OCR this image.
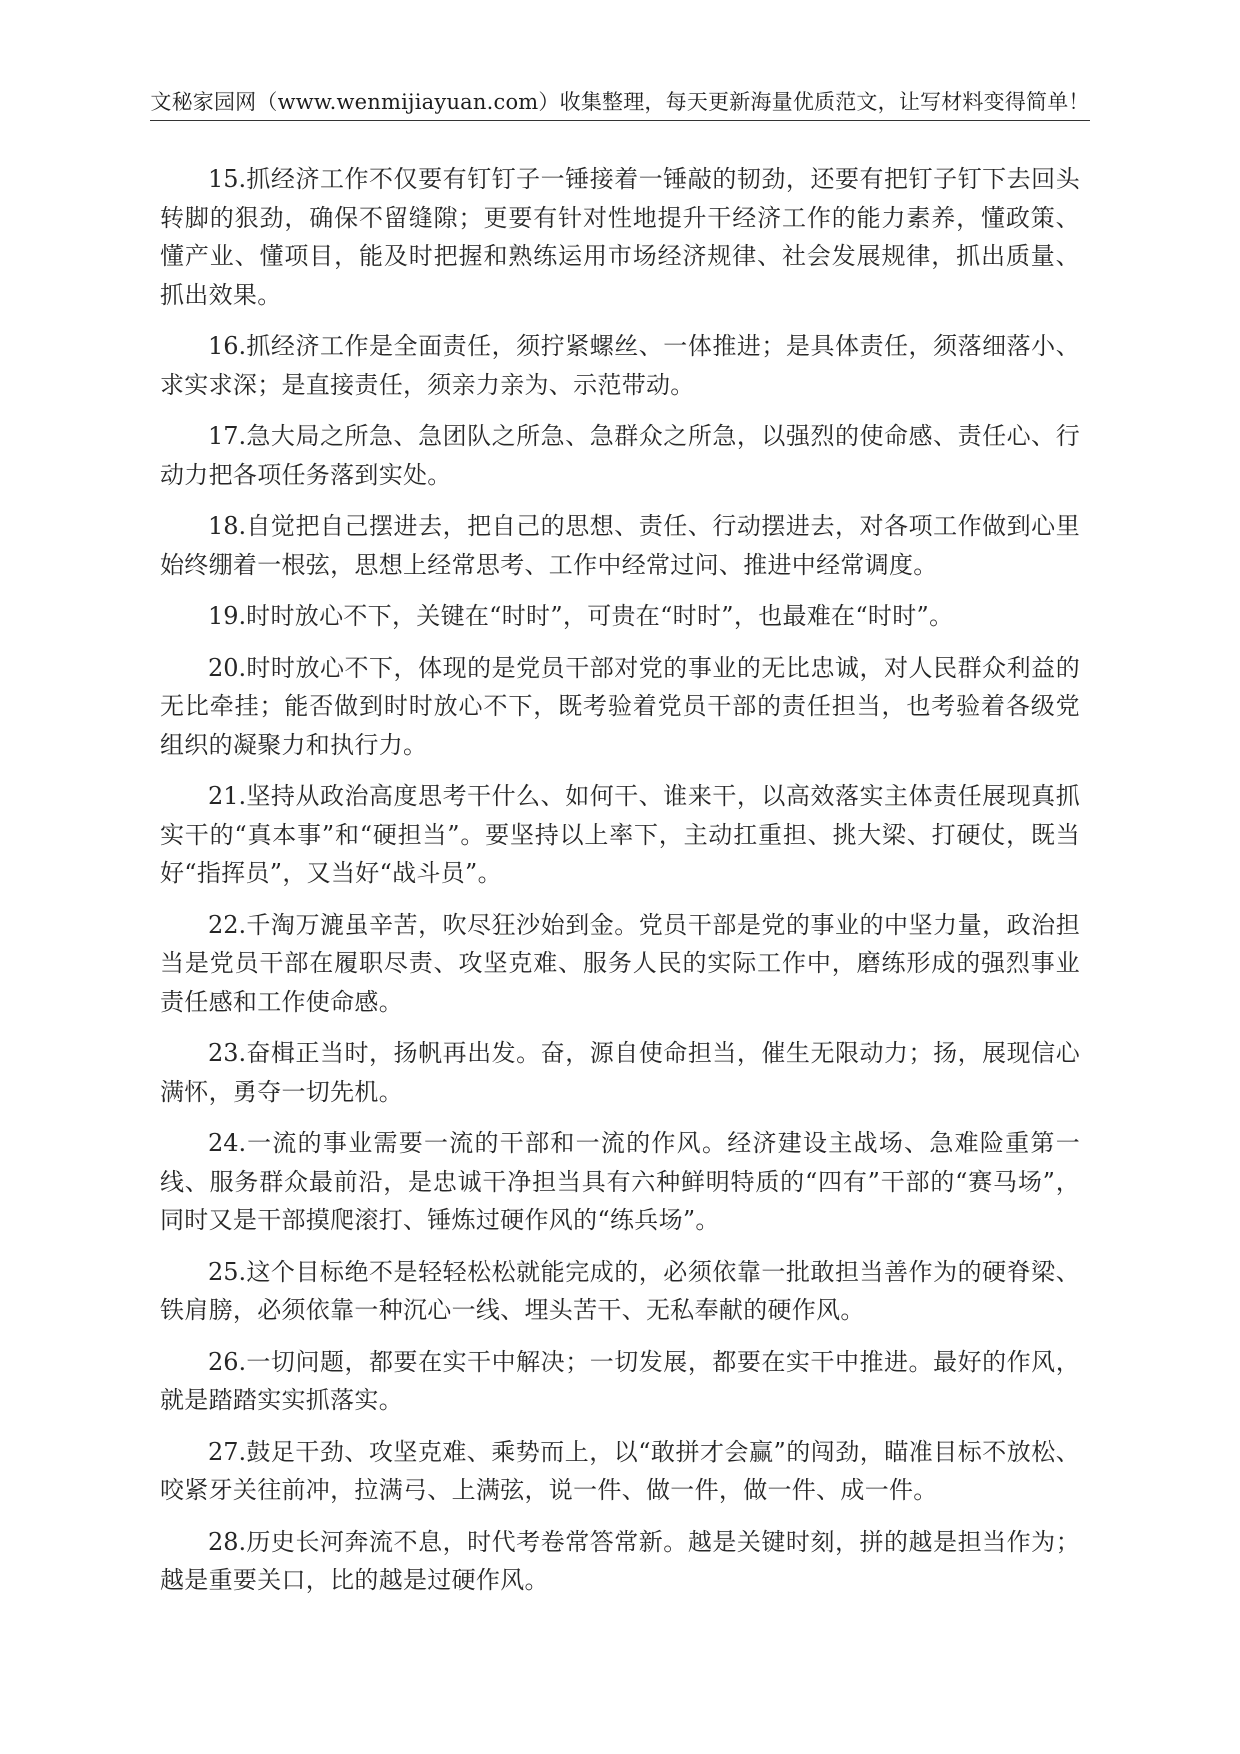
文秘家园网（www.wenmijiayuan.com）收集整理，每天更新海量优质范文，让写材料变得简单！

15.抓经济工作不仅要有钉钉子一锤接着一锤敲的韧劲，还要有把钉子钉下去回头转脚的狠劲，确保不留缝隙；更要有针对性地提升干经济工作的能力素养，懂政策、懂产业、懂项目，能及时把握和熟练运用市场经济规律、社会发展规律，抓出质量、抓出效果。

16.抓经济工作是全面责任，须拧紧螺丝、一体推进；是具体责任，须落细落小、求实求深；是直接责任，须亲力亲为、示范带动。

17.急大局之所急、急团队之所急、急群众之所急，以强烈的使命感、责任心、行动力把各项任务落到实处。

18.自觉把自己摆进去，把自己的思想、责任、行动摆进去，对各项工作做到心里始终绷着一根弦，思想上经常思考、工作中经常过问、推进中经常调度。

19.时时放心不下，关键在“时时”，可贵在“时时”，也最难在“时时”。

20.时时放心不下，体现的是党员干部对党的事业的无比忠诚，对人民群众利益的无比牵挂；能否做到时时放心不下，既考验着党员干部的责任担当，也考验着各级党组织的凝聚力和执行力。

21.坚持从政治高度思考干什么、如何干、谁来干，以高效落实主体责任展现真抓实干的“真本事”和“硬担当”。要坚持以上率下，主动扛重担、挑大梁、打硬仗，既当好“指挥员”，又当好“战斗员”。

22.千淘万漉虽辛苦，吹尽狂沙始到金。党员干部是党的事业的中坚力量，政治担当是党员干部在履职尽责、攻坚克难、服务人民的实际工作中，磨练形成的强烈事业责任感和工作使命感。

23.奋楫正当时，扬帆再出发。奋，源自使命担当，催生无限动力；扬，展现信心满怀，勇夺一切先机。

24.一流的事业需要一流的干部和一流的作风。经济建设主战场、急难险重第一线、服务群众最前沿，是忠诚干净担当具有六种鲜明特质的“四有”干部的“赛马场”，同时又是干部摸爬滚打、锤炼过硬作风的“练兵场”。

25.这个目标绝不是轻轻松松就能完成的，必须依靠一批敢担当善作为的硬脊梁、铁肩膀，必须依靠一种沉心一线、埋头苦干、无私奉献的硬作风。

26.一切问题，都要在实干中解决；一切发展，都要在实干中推进。最好的作风，就是踏踏实实抓落实。

27.鼓足干劲、攻坚克难、乘势而上，以“敢拼才会赢”的闯劲，瞄准目标不放松、咬紧牙关往前冲，拉满弓、上满弦，说一件、做一件，做一件、成一件。

28.历史长河奔流不息，时代考卷常答常新。越是关键时刻，拼的越是担当作为；越是重要关口，比的越是过硬作风。
